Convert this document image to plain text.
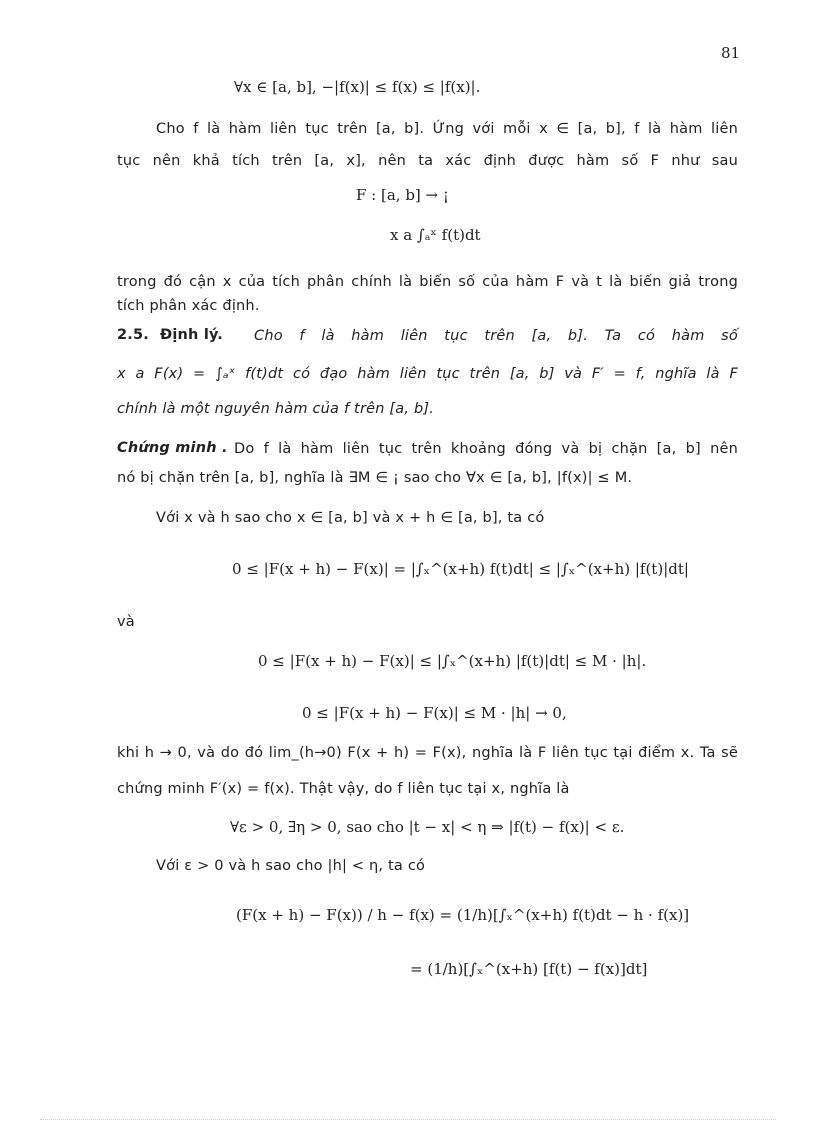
81
∀x ∈ [a, b], −|f(x)| ≤ f(x) ≤ |f(x)|.
Cho f là hàm liên tục trên [a, b]. Ứng với mỗi x ∈ [a, b], f là hàm liên
tục nên khả tích trên [a, x], nên ta xác định được hàm số F như sau
F : [a, b] → ¡
x a ∫ₐˣ f(t)dt
trong đó cận x của tích phân chính là biến số của hàm F và t là biến giả trong
tích phân xác định.
2.5. Định lý. Cho f là hàm liên tục trên [a, b]. Ta có hàm số
x a F(x) = ∫ₐˣ f(t)dt có đạo hàm liên tục trên [a, b] và F′ = f, nghĩa là F
chính là một nguyên hàm của f trên [a, b].
Chứng minh . Do f là hàm liên tục trên khoảng đóng và bị chặn [a, b] nên
nó bị chặn trên [a, b], nghĩa là ∃M ∈ ¡ sao cho ∀x ∈ [a, b], |f(x)| ≤ M.
Với x và h sao cho x ∈ [a, b] và x + h ∈ [a, b], ta có
0 ≤ |F(x + h) − F(x)| = |∫ₓ^(x+h) f(t)dt| ≤ |∫ₓ^(x+h) |f(t)|dt|
và
0 ≤ |F(x + h) − F(x)| ≤ |∫ₓ^(x+h) |f(t)|dt| ≤ M · |h|.
0 ≤ |F(x + h) − F(x)| ≤ M · |h| → 0,
khi h → 0, và do đó lim_(h→0) F(x + h) = F(x), nghĩa là F liên tục tại điểm x. Ta sẽ
chứng minh F′(x) = f(x). Thật vậy, do f liên tục tại x, nghĩa là
∀ε > 0, ∃η > 0, sao cho |t − x| < η ⇒ |f(t) − f(x)| < ε.
Với ε > 0 và h sao cho |h| < η, ta có
(F(x + h) − F(x)) / h − f(x) = (1/h)[∫ₓ^(x+h) f(t)dt − h · f(x)]
= (1/h)[∫ₓ^(x+h) [f(t) − f(x)]dt]
